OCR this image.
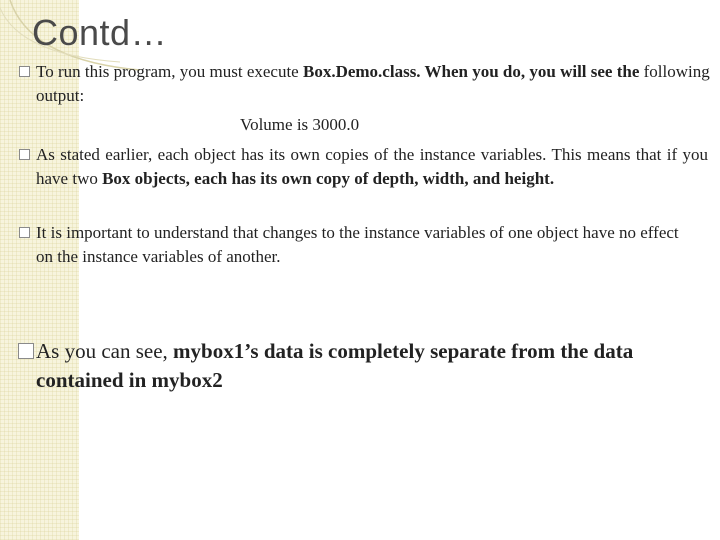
Contd…
To run this program, you must execute Box.Demo.class. When you do, you will see the following output:
Volume is 3000.0
As stated earlier, each object has its own copies of the instance variables. This means that if you have two Box objects, each has its own copy of depth, width, and height.
It is important to understand that changes to the instance variables of one object have no effect on the instance variables of another.
As you can see, mybox1’s data is completely separate from the data contained in mybox2
